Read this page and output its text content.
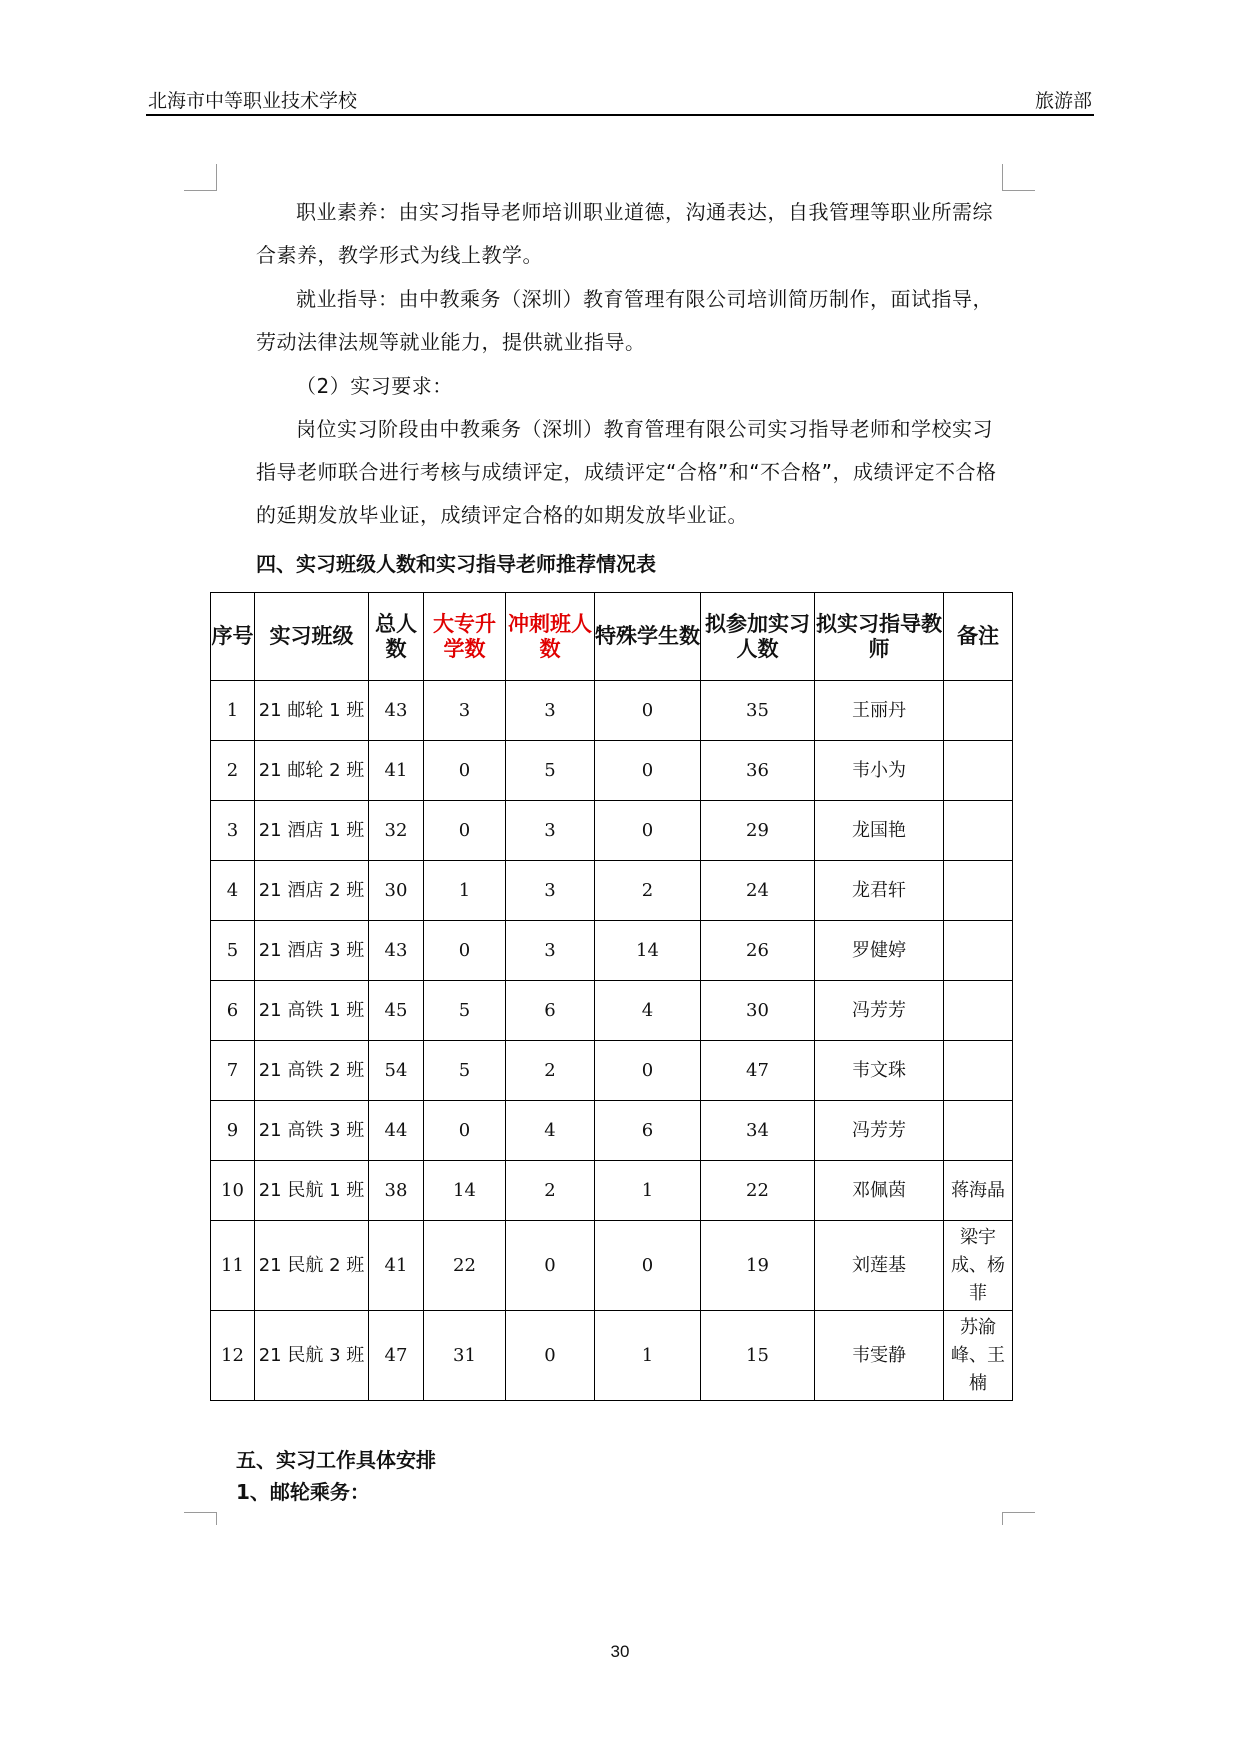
北海市中等职业技术学校	旅游部
职业素养：由实习指导老师培训职业道德，沟通表达，自我管理等职业所需综合素养，教学形式为线上教学。
就业指导：由中教乘务（深圳）教育管理有限公司培训简历制作，面试指导，劳动法律法规等就业能力，提供就业指导。
（2）实习要求：
岗位实习阶段由中教乘务（深圳）教育管理有限公司实习指导老师和学校实习指导老师联合进行考核与成绩评定，成绩评定“合格”和“不合格”，成绩评定不合格的延期发放毕业证，成绩评定合格的如期发放毕业证。
四、实习班级人数和实习指导老师推荐情况表
序号	实习班级	总人数	大专升学数	冲刺班人数	特殊学生数	拟参加实习人数	拟实习指导教师	备注
1	21 邮轮 1 班	43	3	3	0	35	王丽丹	
2	21 邮轮 2 班	41	0	5	0	36	韦小为	
3	21 酒店 1 班	32	0	3	0	29	龙国艳	
4	21 酒店 2 班	30	1	3	2	24	龙君轩	
5	21 酒店 3 班	43	0	3	14	26	罗健婷	
6	21 高铁 1 班	45	5	6	4	30	冯芳芳	
7	21 高铁 2 班	54	5	2	0	47	韦文珠	
9	21 高铁 3 班	44	0	4	6	34	冯芳芳	
10	21 民航 1 班	38	14	2	1	22	邓佩茵	蒋海晶
11	21 民航 2 班	41	22	0	0	19	刘莲基	梁宇成、杨菲
12	21 民航 3 班	47	31	0	1	15	韦雯静	苏渝峰、王楠
五、实习工作具体安排
1、邮轮乘务：
30
